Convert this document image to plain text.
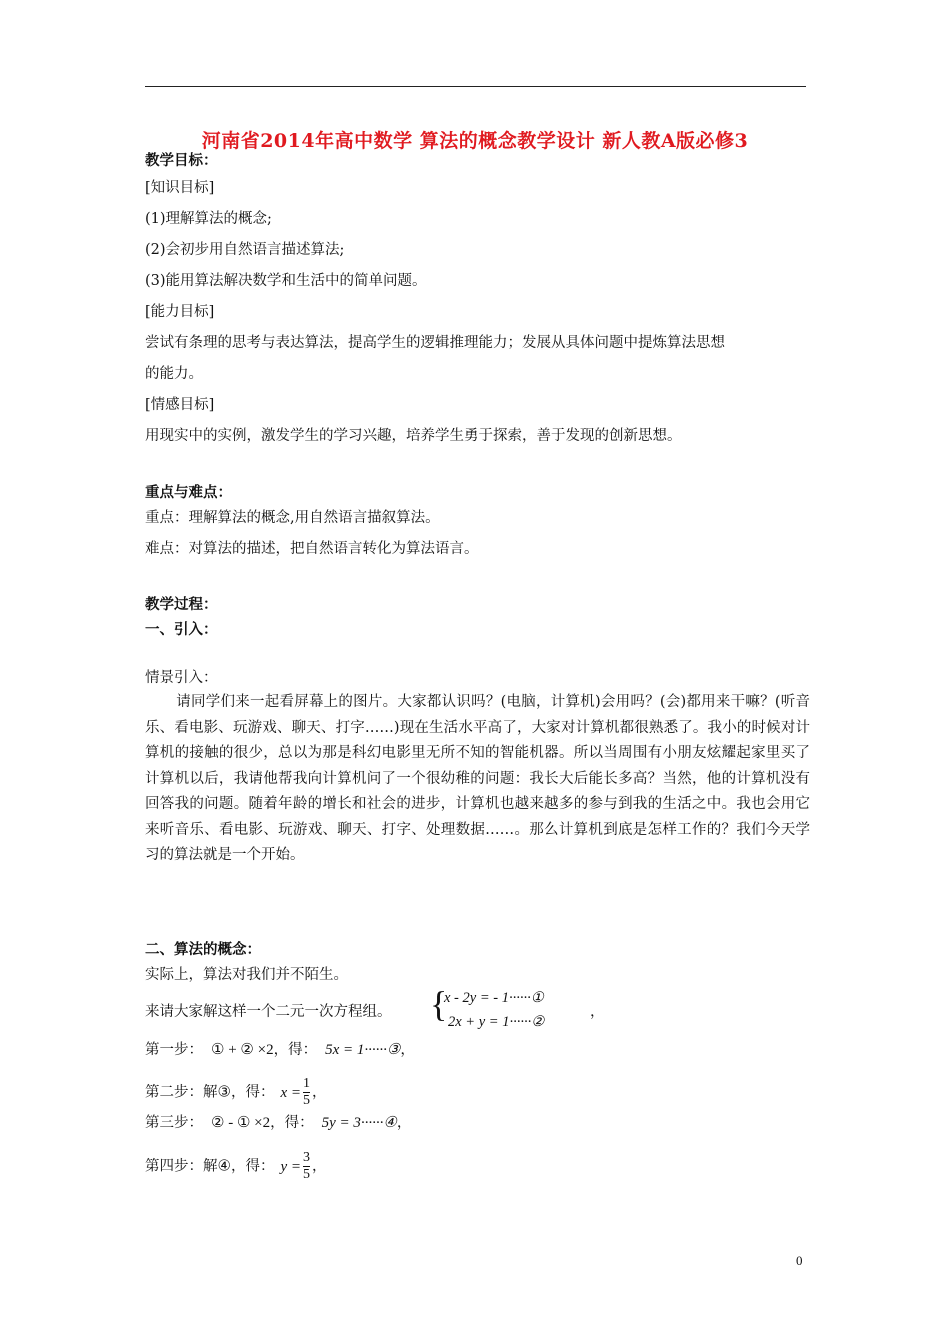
河南省2014年高中数学 算法的概念教学设计 新人教A版必修3
教学目标：
[知识目标]
(1)理解算法的概念;
(2)会初步用自然语言描述算法;
(3)能用算法解决数学和生活中的简单问题。
[能力目标]
尝试有条理的思考与表达算法，提高学生的逻辑推理能力；发展从具体问题中提炼算法思想
的能力。
[情感目标]
用现实中的实例，激发学生的学习兴趣，培养学生勇于探索，善于发现的创新思想。
重点与难点：
重点：理解算法的概念,用自然语言描叙算法。
难点：对算法的描述，把自然语言转化为算法语言。
教学过程：
一、引入：
情景引入：
请同学们来一起看屏幕上的图片。大家都认识吗？(电脑，计算机)会用吗？(会)都用来干嘛？(听音乐、看电影、玩游戏、聊天、打字……)现在生活水平高了，大家对计算机都很熟悉了。我小的时候对计算机的接触的很少，总以为那是科幻电影里无所不知的智能机器。所以当周围有小朋友炫耀起家里买了计算机以后，我请他帮我向计算机问了一个很幼稚的问题：我长大后能长多高？当然，他的计算机没有回答我的问题。随着年龄的增长和社会的进步，计算机也越来越多的参与到我的生活之中。我也会用它来听音乐、看电影、玩游戏、聊天、打字、处理数据……。那么计算机到底是怎样工作的？我们今天学习的算法就是一个开始。
二、算法的概念：
实际上，算法对我们并不陌生。
来请大家解这样一个二元一次方程组。 {
x - 2y = - 1······①
2x + y = 1······②
，
第一步： ① + ② ×2，得： 5x = 1······③，
第二步：解③，得： $x = \frac{1}{5}$ ，
第三步： ② - ① ×2，得： 5y = 3······④，
第四步：解④，得： $y = \frac{3}{5}$ ，
0
